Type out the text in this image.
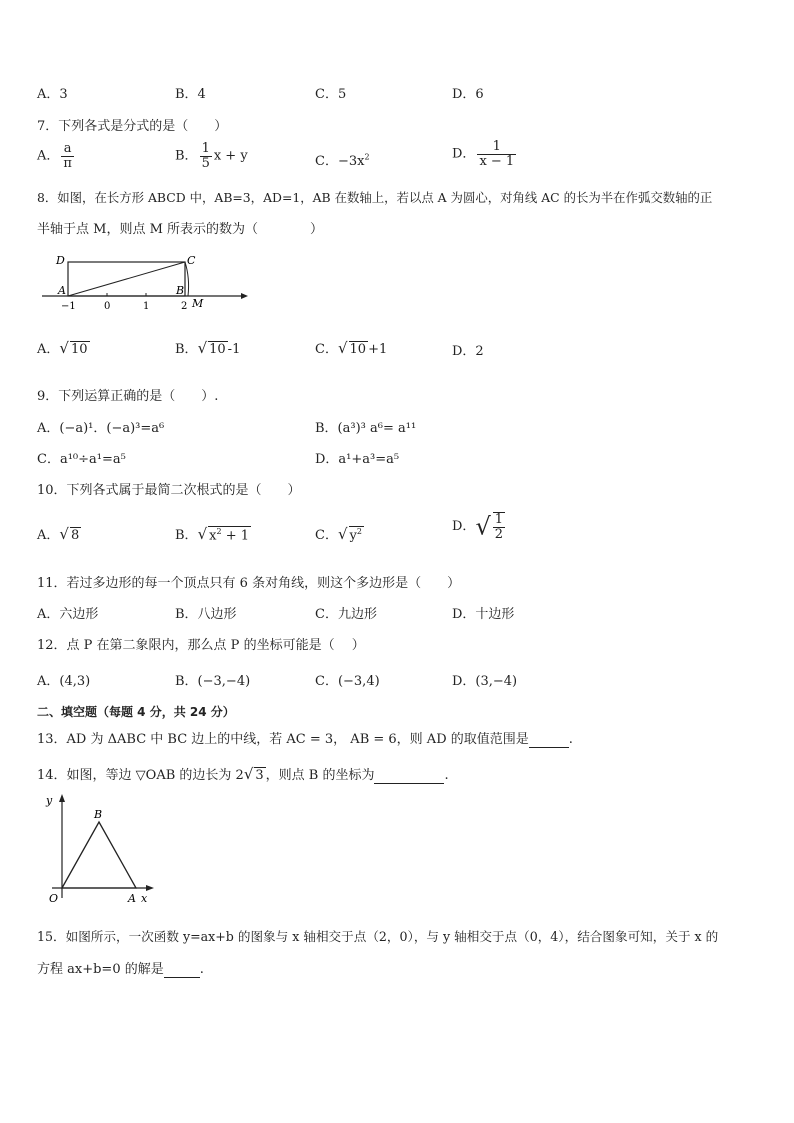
A．3	B．4	C．5	D．6
7．下列各式是分式的是（　　）
A． $\frac{a}{\pi}$	B． $\frac{1}{5}$ x + y	C．$-3x^2$	D． $\frac{1}{x - 1}$
8．如图，在长方形 ABCD 中，AB=3，AD=1，AB 在数轴上，若以点 A 为圆心，对角线 AC 的长为半在作弧交数轴的正
半轴于点 M，则点 M 所表示的数为（　　　　）
D	C
A	B
M
−1	0	1	2
A．√ 10	B．√ 10 -1	C．√ 10 +1	D．2
9．下列运算正确的是（　　）.
A．(−a)¹．(−a)³=a⁶	B．(a³)³ a⁶= a¹¹
C．a¹⁰÷a¹=a⁵	D．a¹+a³=a⁵
10．下列各式属于最简二次根式的是（　　）
A．√ 8	B．√ $x^2 + 1$	C．√ $y^2$	D．√ $\frac{1}{2}$
11．若过多边形的每一个顶点只有 6 条对角线，则这个多边形是（　　）
A．六边形	B．八边形	C．九边形	D．十边形
12．点 P 在第二象限内，那么点 P 的坐标可能是（　 ）
A．(4,3)	B．(−3,−4)	C．(−3,4)	D．(3,−4)
二、填空题（每题 4 分，共 24 分）
13．AD 为 ΔABC 中 BC 边上的中线，若 AC = 3， AB = 6，则 AD 的取值范围是	.
14．如图，等边 ▽OAB 的边长为 2√ 3 ，则点 B 的坐标为	.
y
x
B
O	A
15．如图所示，一次函数 y=ax+b 的图象与 x 轴相交于点（2，0），与 y 轴相交于点（0，4），结合图象可知，关于 x 的
方程 ax+b=0 的解是	.
